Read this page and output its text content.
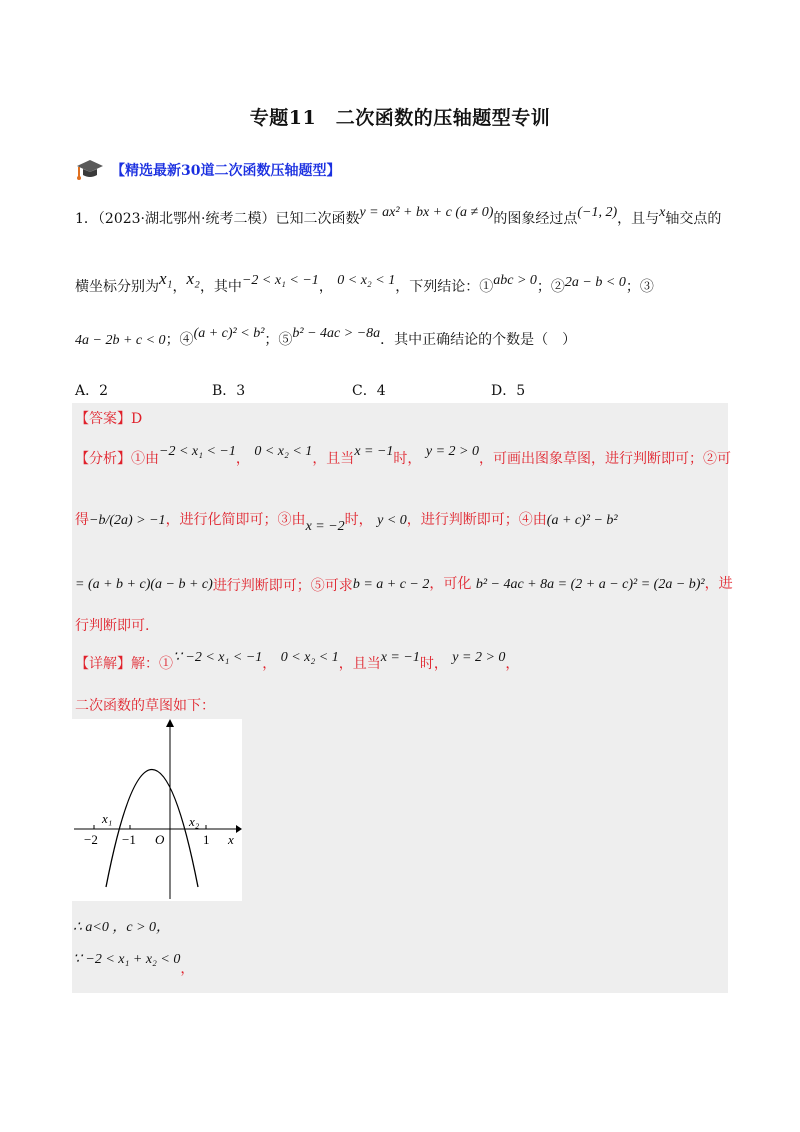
专题11　二次函数的压轴题型专训
【精选最新30道二次函数压轴题型】
1．（2023·湖北鄂州·统考二模）已知二次函数y = ax² + bx + c (a ≠ 0)的图象经过点(−1, 2)，且与x轴交点的
横坐标分别为x₁，x₂，其中−2 < x₁ < −1， 0 < x₂ < 1，下列结论：①abc > 0；②2a − b < 0；③
4a − 2b + c < 0；④(a + c)² < b²；⑤b² − 4ac > −8a．其中正确结论的个数是（　）
A．2	B．3	C．4	D．5
【答案】D
【分析】①由−2 < x₁ < −1， 0 < x₂ < 1，且当x = −1时， y = 2 > 0，可画出图象草图，进行判断即可；②可
得−b/(2a) > −1，进行化简即可；③由x = −2时， y < 0，进行判断即可；④由(a + c)² − b²
= (a + b + c)(a − b + c)进行判断即可；⑤可求b = a + c − 2，可化 b² − 4ac + 8a = (2 + a − c)² = (2a − b)²，进
行判断即可.
【详解】解：①∵ −2 < x₁ < −1， 0 < x₂ < 1，且当x = −1时， y = 2 > 0，
二次函数的草图如下：
x₁	x₂
−2 −1 O	1 x
∴ a<0 ，c > 0，
∵ −2 < x₁ + x₂ < 0，
